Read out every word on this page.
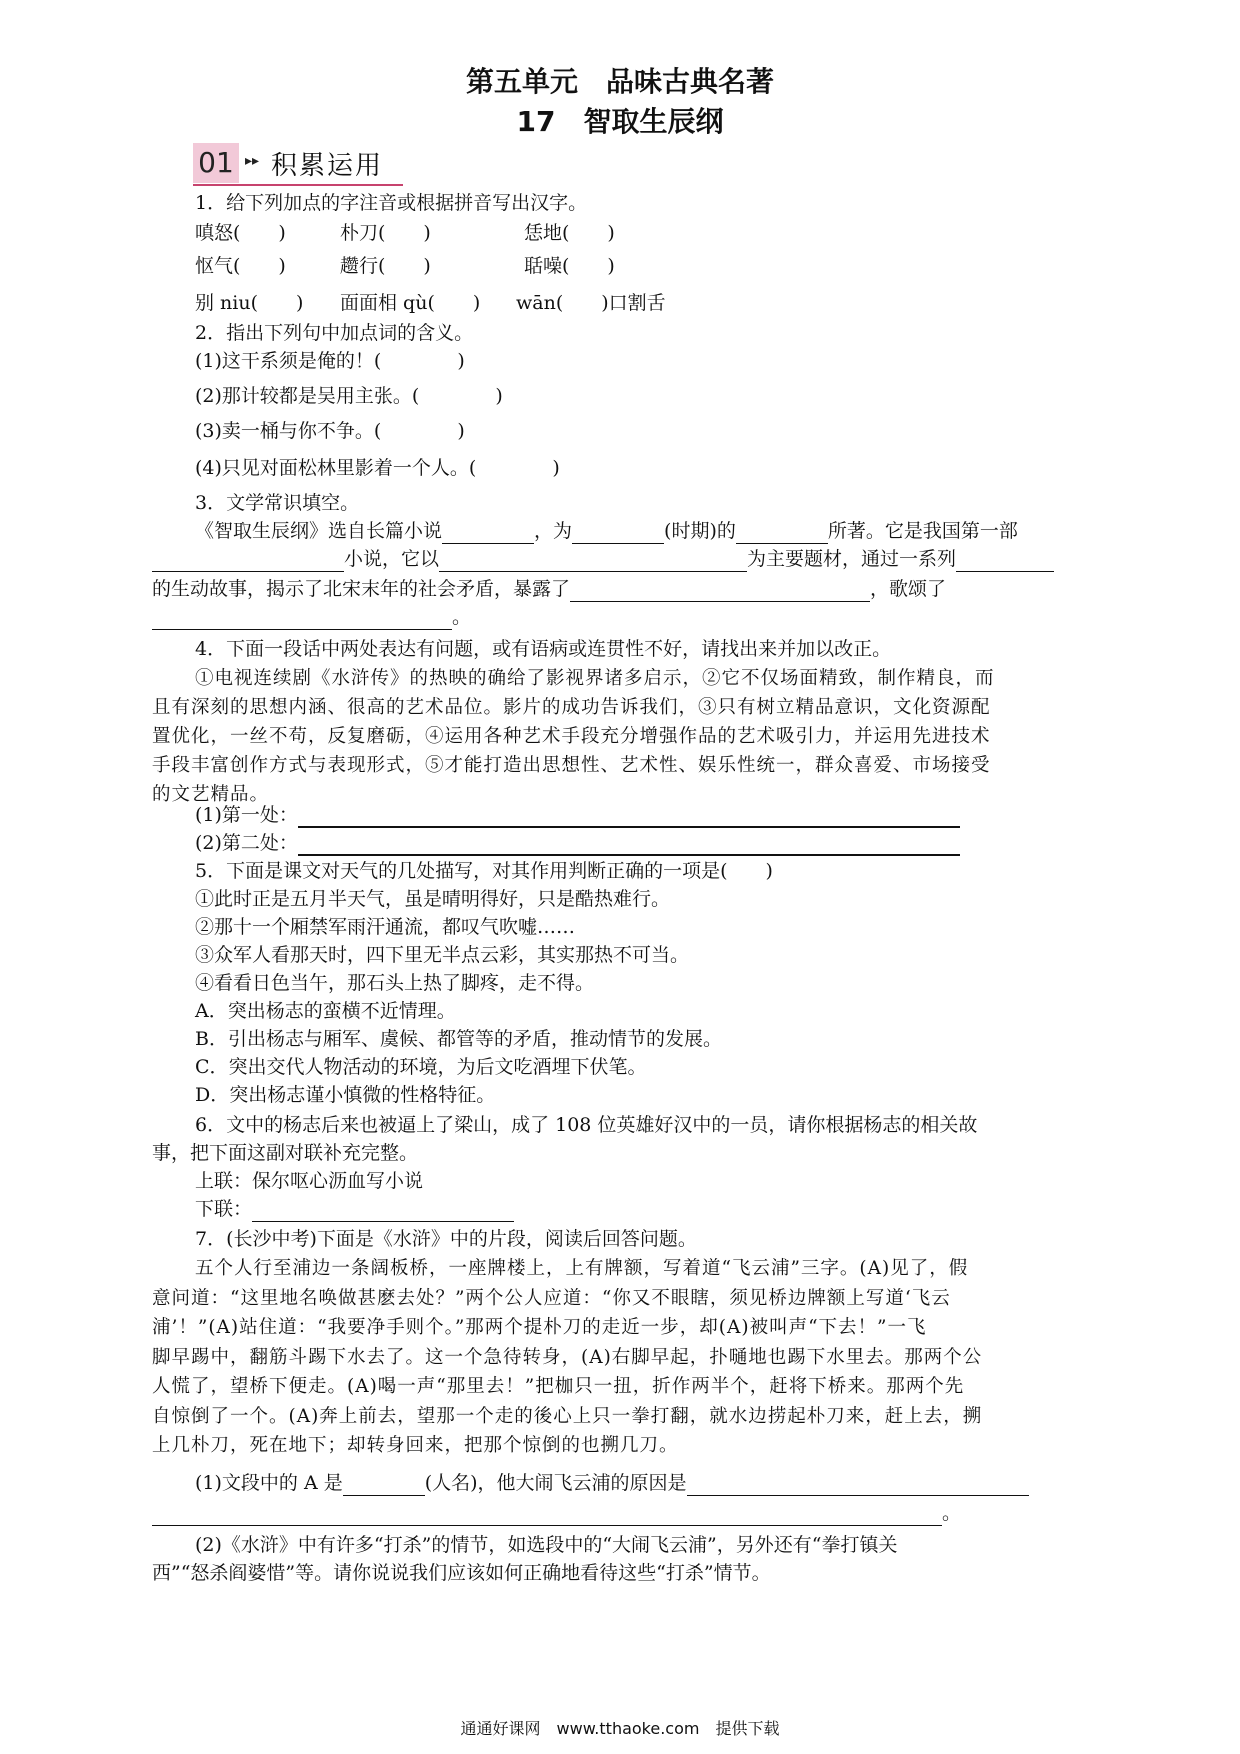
第五单元　品味古典名著
17　智取生辰纲
01 ▸▸ 积累运用
1．给下列加点的字注音或根据拼音写出汉字。
嗔怒(　　)	朴刀(　　)	恁地(　　)
怄气(　　)	趱行(　　)	聒噪(　　)
别 niu(　　) 面面相 qù(　　) wān(　　)口割舌
2．指出下列句中加点词的含义。
(1)这干系须是俺的！(　　　　)
(2)那计较都是吴用主张。(　　　　)
(3)卖一桶与你不争。(　　　　)
(4)只见对面松林里影着一个人。(　　　　)
3．文学常识填空。
《智取生辰纲》选自长篇小说	，为	(时期)的	所著。它是我国第一部
小说，它以	为主要题材，通过一系列
的生动故事，揭示了北宋末年的社会矛盾，暴露了	，歌颂了
。
4．下面一段话中两处表达有问题，或有语病或连贯性不好，请找出来并加以改正。
①电视连续剧《水浒传》的热映的确给了影视界诸多启示，②它不仅场面精致，制作精良，而
且有深刻的思想内涵、很高的艺术品位。影片的成功告诉我们，③只有树立精品意识，文化资源配
置优化，一丝不苟，反复磨砺，④运用各种艺术手段充分增强作品的艺术吸引力，并运用先进技术
手段丰富创作方式与表现形式，⑤才能打造出思想性、艺术性、娱乐性统一，群众喜爱、市场接受
的文艺精品。
(1)第一处：
(2)第二处：
5．下面是课文对天气的几处描写，对其作用判断正确的一项是(　　)
①此时正是五月半天气，虽是晴明得好，只是酷热难行。
②那十一个厢禁军雨汗通流，都叹气吹嘘……
③众军人看那天时，四下里无半点云彩，其实那热不可当。
④看看日色当午，那石头上热了脚疼，走不得。
A．突出杨志的蛮横不近情理。
B．引出杨志与厢军、虞候、都管等的矛盾，推动情节的发展。
C．突出交代人物活动的环境，为后文吃酒埋下伏笔。
D．突出杨志谨小慎微的性格特征。
6．文中的杨志后来也被逼上了梁山，成了 108 位英雄好汉中的一员，请你根据杨志的相关故
事，把下面这副对联补充完整。
上联：保尔呕心沥血写小说
下联：
7．(长沙中考)下面是《水浒》中的片段，阅读后回答问题。
五个人行至浦边一条阔板桥，一座牌楼上，上有牌额，写着道“飞云浦”三字。(A)见了，假
意问道：“这里地名唤做甚麽去处？”两个公人应道：“你又不眼瞎，须见桥边牌额上写道‘飞云
浦’！”(A)站住道：“我要净手则个。”那两个提朴刀的走近一步，却(A)被叫声“下去！”一飞
脚早踢中，翻筋斗踢下水去了。这一个急待转身，(A)右脚早起，扑嗵地也踢下水里去。那两个公
人慌了，望桥下便走。(A)喝一声“那里去！”把枷只一扭，折作两半个，赶将下桥来。那两个先
自惊倒了一个。(A)奔上前去，望那一个走的後心上只一拳打翻，就水边捞起朴刀来，赶上去，搠
上几朴刀，死在地下；却转身回来，把那个惊倒的也搠几刀。
(1)文段中的 A 是	(人名)，他大闹飞云浦的原因是
。
(2)《水浒》中有许多“打杀”的情节，如选段中的“大闹飞云浦”，另外还有“拳打镇关
西”“怒杀阎婆惜”等。请你说说我们应该如何正确地看待这些“打杀”情节。
通通好课网　www.tthaoke.com　提供下载
